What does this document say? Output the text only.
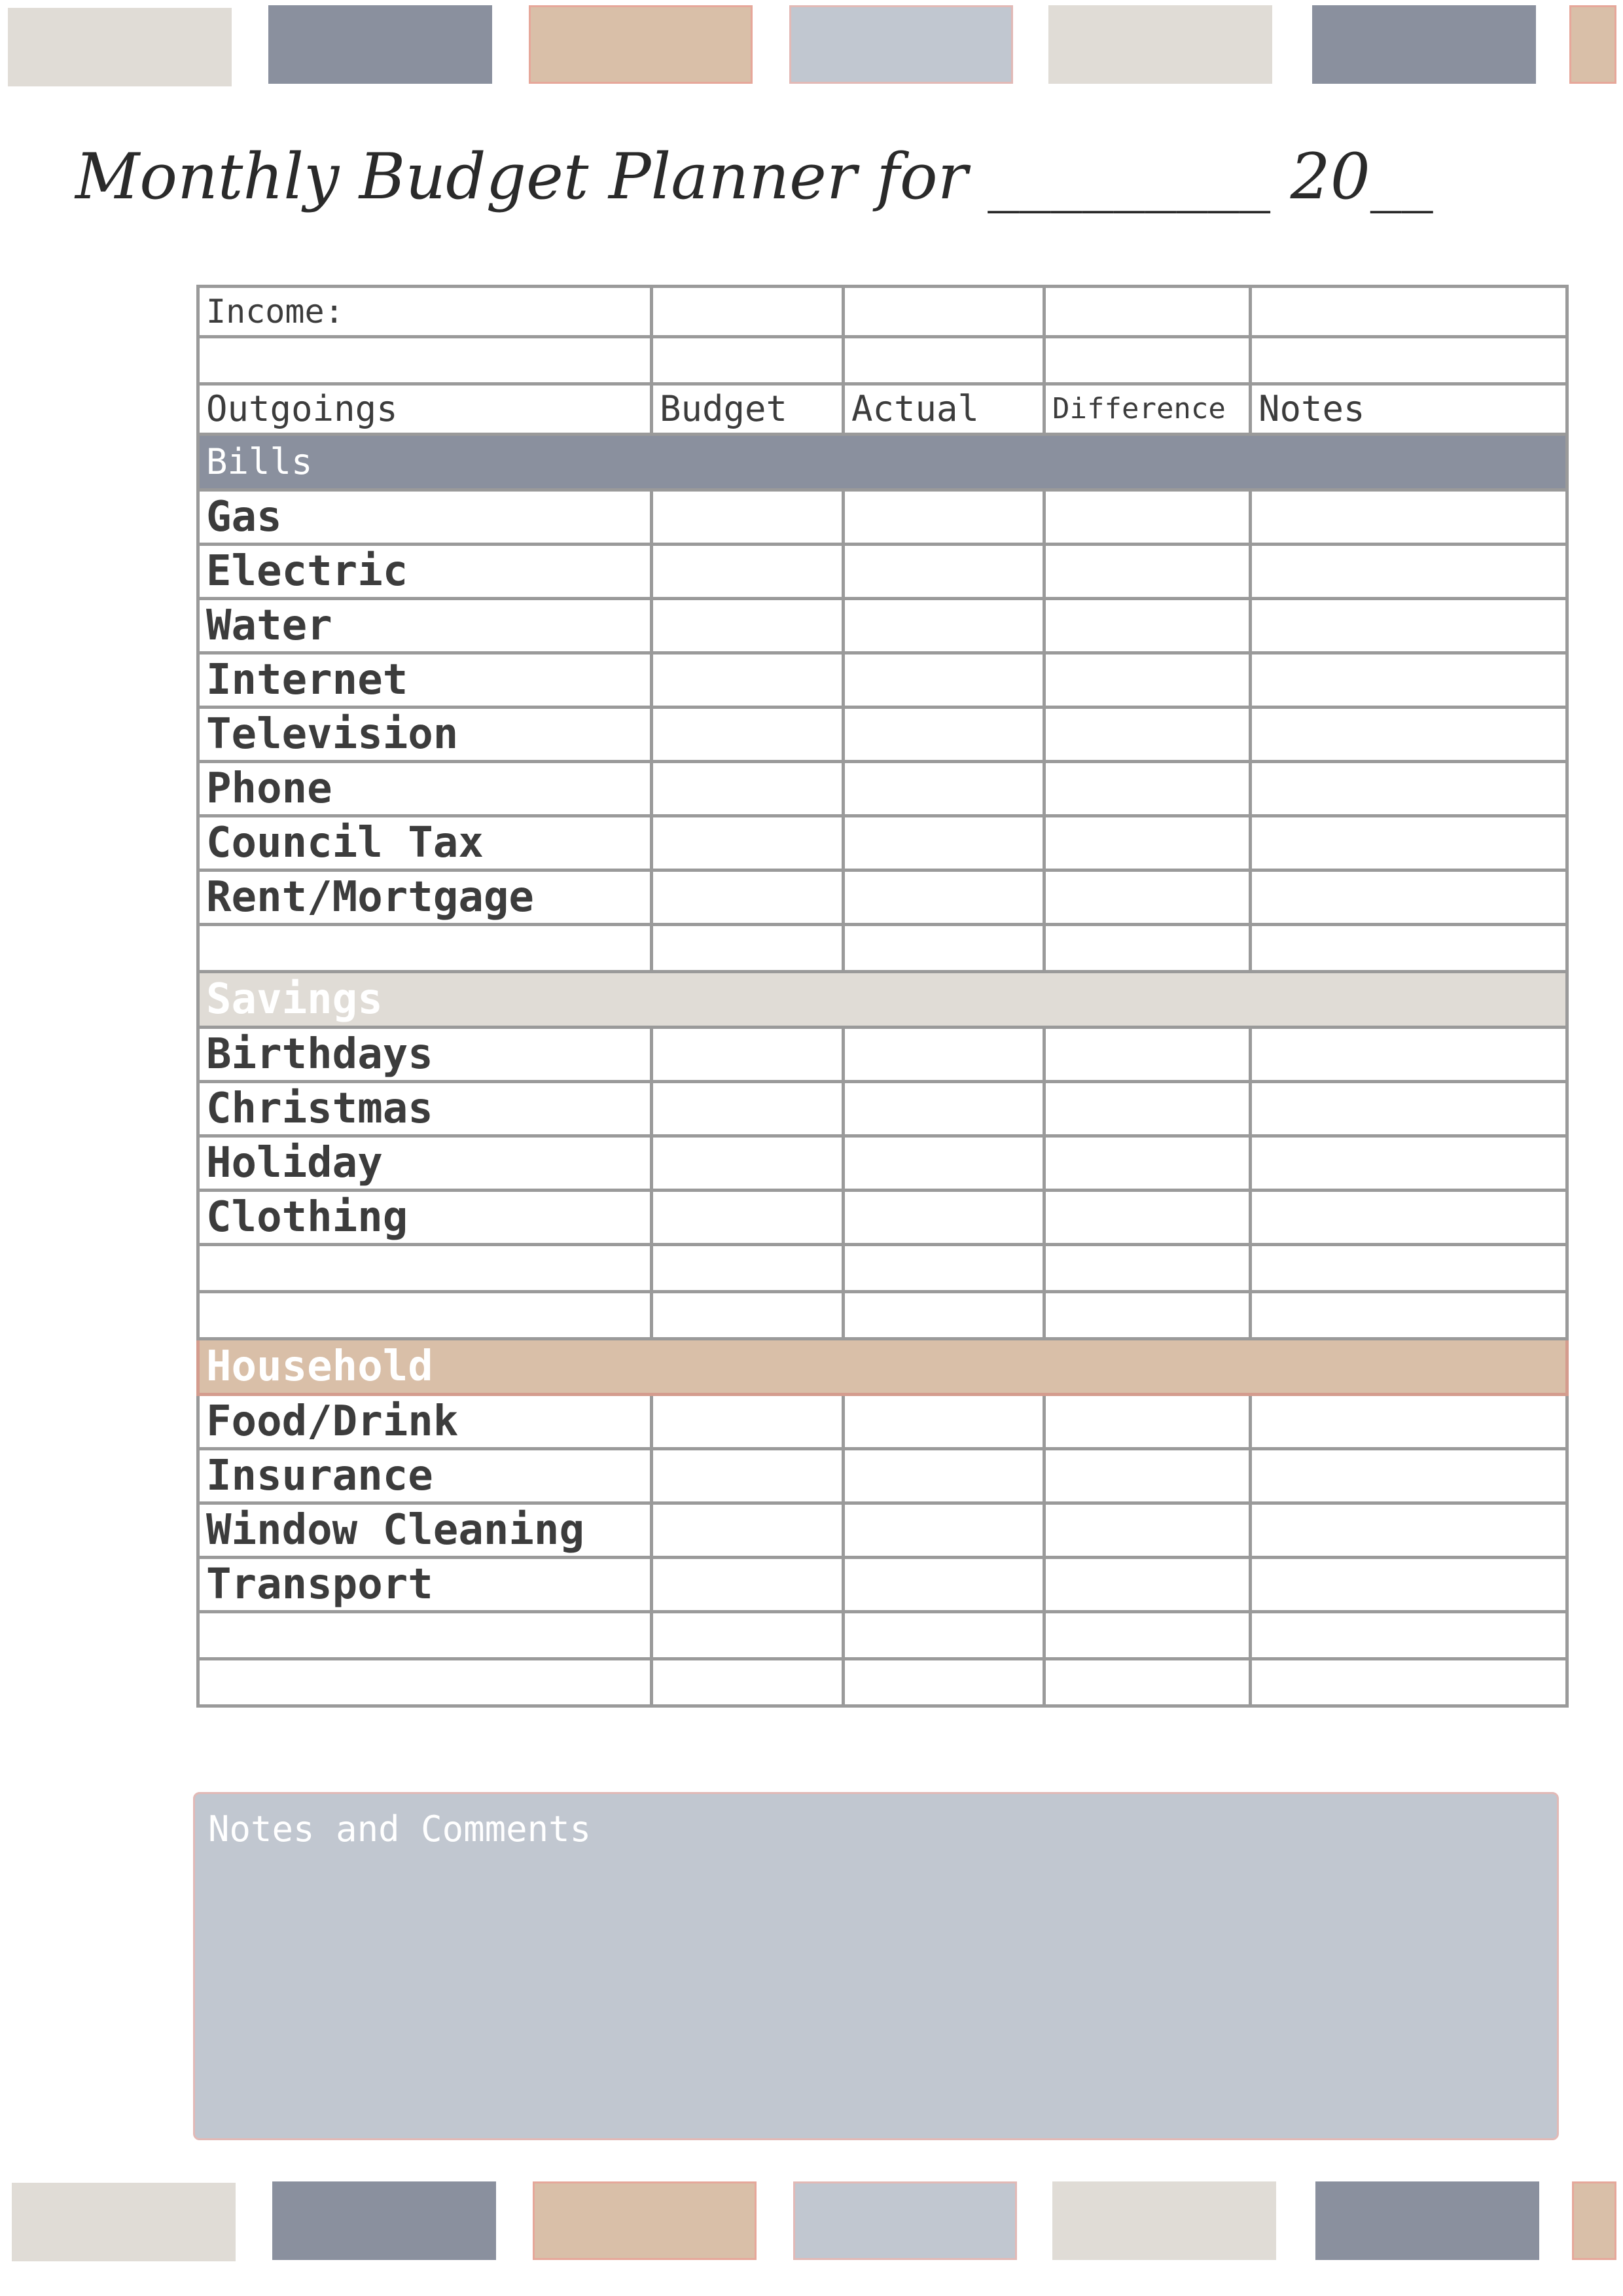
Monthly Budget Planner for _________ 20__
Income:				

Outgoings	Budget	Actual	Difference	Notes
Bills				
Gas				
Electric				
Water				
Internet				
Television				
Phone				
Council Tax				
Rent/Mortgage				

Savings				
Birthdays				
Christmas				
Holiday				
Clothing				

Household				
Food/Drink				
Insurance				
Window Cleaning				
Transport				

Notes and Comments
